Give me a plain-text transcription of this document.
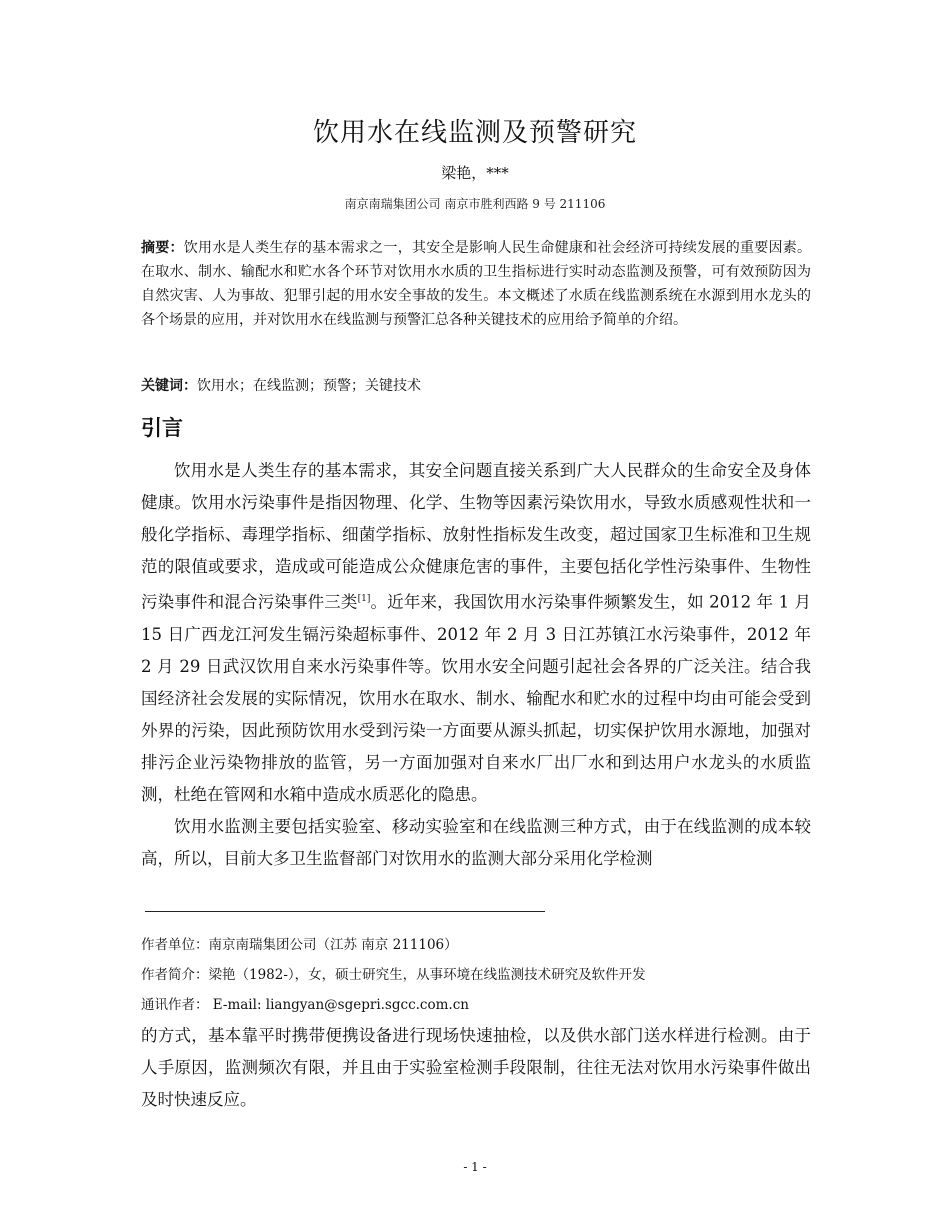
饮用水在线监测及预警研究
梁艳，***
南京南瑞集团公司 南京市胜利西路 9 号 211106
摘要：饮用水是人类生存的基本需求之一，其安全是影响人民生命健康和社会经济可持续发展的重要因素。在取水、制水、输配水和贮水各个环节对饮用水水质的卫生指标进行实时动态监测及预警，可有效预防因为自然灾害、人为事故、犯罪引起的用水安全事故的发生。本文概述了水质在线监测系统在水源到用水龙头的各个场景的应用，并对饮用水在线监测与预警汇总各种关键技术的应用给予简单的介绍。
关键词：饮用水；在线监测；预警；关键技术
引言

饮用水是人类生存的基本需求，其安全问题直接关系到广大人民群众的生命安全及身体健康。饮用水污染事件是指因物理、化学、生物等因素污染饮用水，导致水质感观性状和一般化学指标、毒理学指标、细菌学指标、放射性指标发生改变，超过国家卫生标准和卫生规范的限值或要求，造成或可能造成公众健康危害的事件，主要包括化学性污染事件、生物性污染事件和混合污染事件三类[1]。近年来，我国饮用水污染事件频繁发生，如 2012 年 1 月 15 日广西龙江河发生镉污染超标事件、2012 年 2 月 3 日江苏镇江水污染事件，2012 年 2 月 29 日武汉饮用自来水污染事件等。饮用水安全问题引起社会各界的广泛关注。结合我国经济社会发展的实际情况，饮用水在取水、制水、输配水和贮水的过程中均由可能会受到外界的污染，因此预防饮用水受到污染一方面要从源头抓起，切实保护饮用水源地，加强对排污企业污染物排放的监管，另一方面加强对自来水厂出厂水和到达用户水龙头的水质监测，杜绝在管网和水箱中造成水质恶化的隐患。

饮用水监测主要包括实验室、移动实验室和在线监测三种方式，由于在线监测的成本较高，所以，目前大多卫生监督部门对饮用水的监测大部分采用化学检测

作者单位：南京南瑞集团公司（江苏 南京 211106）
作者简介：梁艳（1982-），女，硕士研究生，从事环境在线监测技术研究及软件开发
通讯作者： E-mail: liangyan@sgepri.sgcc.com.cn

的方式，基本靠平时携带便携设备进行现场快速抽检，以及供水部门送水样进行检测。由于人手原因，监测频次有限，并且由于实验室检测手段限制，往往无法对饮用水污染事件做出及时快速反应。

- 1 -
